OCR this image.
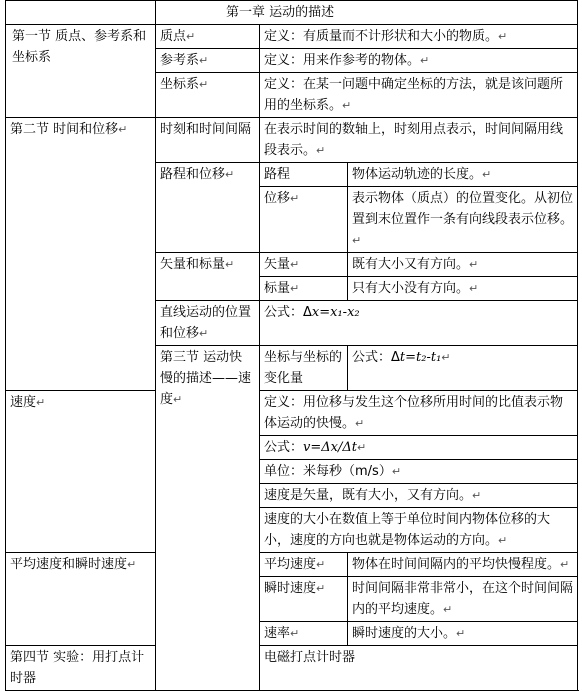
	第一章 运动的描述		
第一节 质点、参考系和坐标系	质点↵	定义：有质量而不计形状和大小的物质。↵	
	参考系↵	定义：用来作参考的物体。↵	
	坐标系↵	定义：在某一问题中确定坐标的方法，就是该问题所用的坐标系。↵	
第二节 时间和位移↵	时刻和时间间隔	在表示时间的数轴上，时刻用点表示，时间间隔用线段表示。↵	
	路程和位移↵	路程	物体运动轨迹的长度。↵
		位移↵	表示物体（质点）的位置变化。从初位置到末位置作一条有向线段表示位移。↵
	矢量和标量↵	矢量↵	既有大小又有方向。↵
		标量↵	只有大小没有方向。↵
	直线运动的位置和位移↵	公式：Δx=x₁-x₂	
	第三节 运动快慢的描述——速度↵	坐标与坐标的变化量	公式：Δt=t₂-t₁↵
速度↵		定义：用位移与发生这个位移所用时间的比值表示物体运动的快慢。↵	
		公式：v=Δx/Δt↵	
		单位：米每秒（m/s）↵	
		速度是矢量，既有大小，又有方向。↵	
		速度的大小在数值上等于单位时间内物体位移的大小，速度的方向也就是物体运动的方向。↵	
平均速度和瞬时速度↵		平均速度↵	物体在时间间隔内的平均快慢程度。↵
		瞬时速度↵	时间间隔非常非常小，在这个时间间隔内的平均速度。↵
		速率↵	瞬时速度的大小。↵
第四节 实验：用打点计时器		电磁打点计时器	
